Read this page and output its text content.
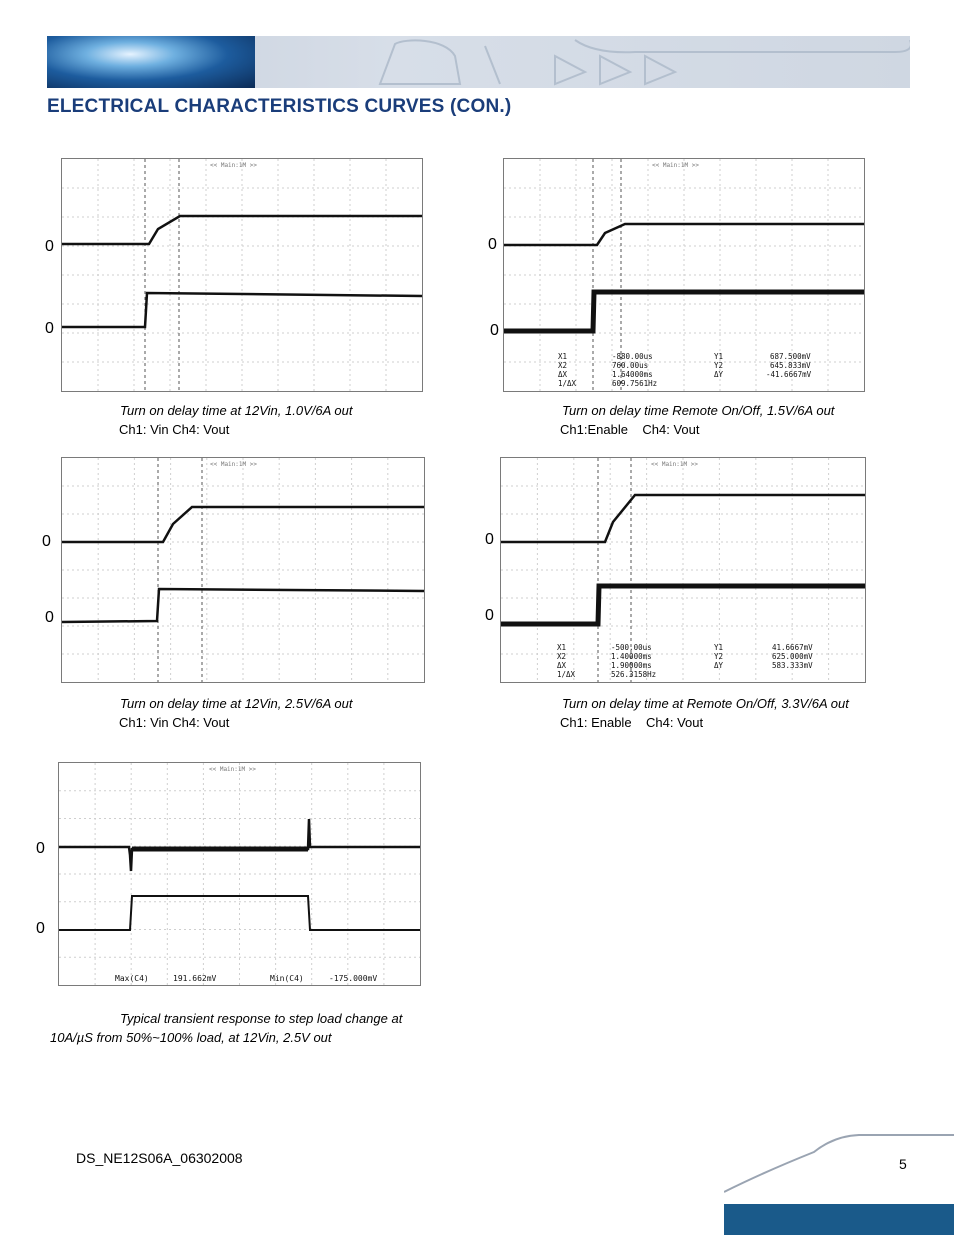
ELECTRICAL CHARACTERISTICS CURVES (CON.)
<< Main:1M >>
0
0
Turn on delay time at 12Vin, 1.0V/6A out
Ch1: Vin Ch4: Vout
<< Main:1M >>
X1	-880.00us	Y1	687.500mV
X2	760.00us	Y2	645.833mV
ΔX	1.64000ms	ΔY	-41.6667mV
1/ΔX	609.7561Hz
0
0
Turn on delay time Remote On/Off, 1.5V/6A out
Ch1:Enable    Ch4: Vout
<< Main:1M >>
0
0
Turn on delay time at 12Vin, 2.5V/6A out
Ch1: Vin Ch4: Vout
<< Main:1M >>
X1	-500.00us	Y1	41.6667mV
X2	1.40000ms	Y2	625.000mV
ΔX	1.90000ms	ΔY	583.333mV
1/ΔX	526.3158Hz
0
0
Turn on delay time at Remote On/Off, 3.3V/6A out
Ch1: Enable    Ch4: Vout
<< Main:1M >>
Max(C4)	191.662mV	Min(C4)	-175.000mV
0
0
Typical transient response to step load change at
10A/µS from 50%~100% load, at 12Vin, 2.5V out
DS_NE12S06A_06302008	5
